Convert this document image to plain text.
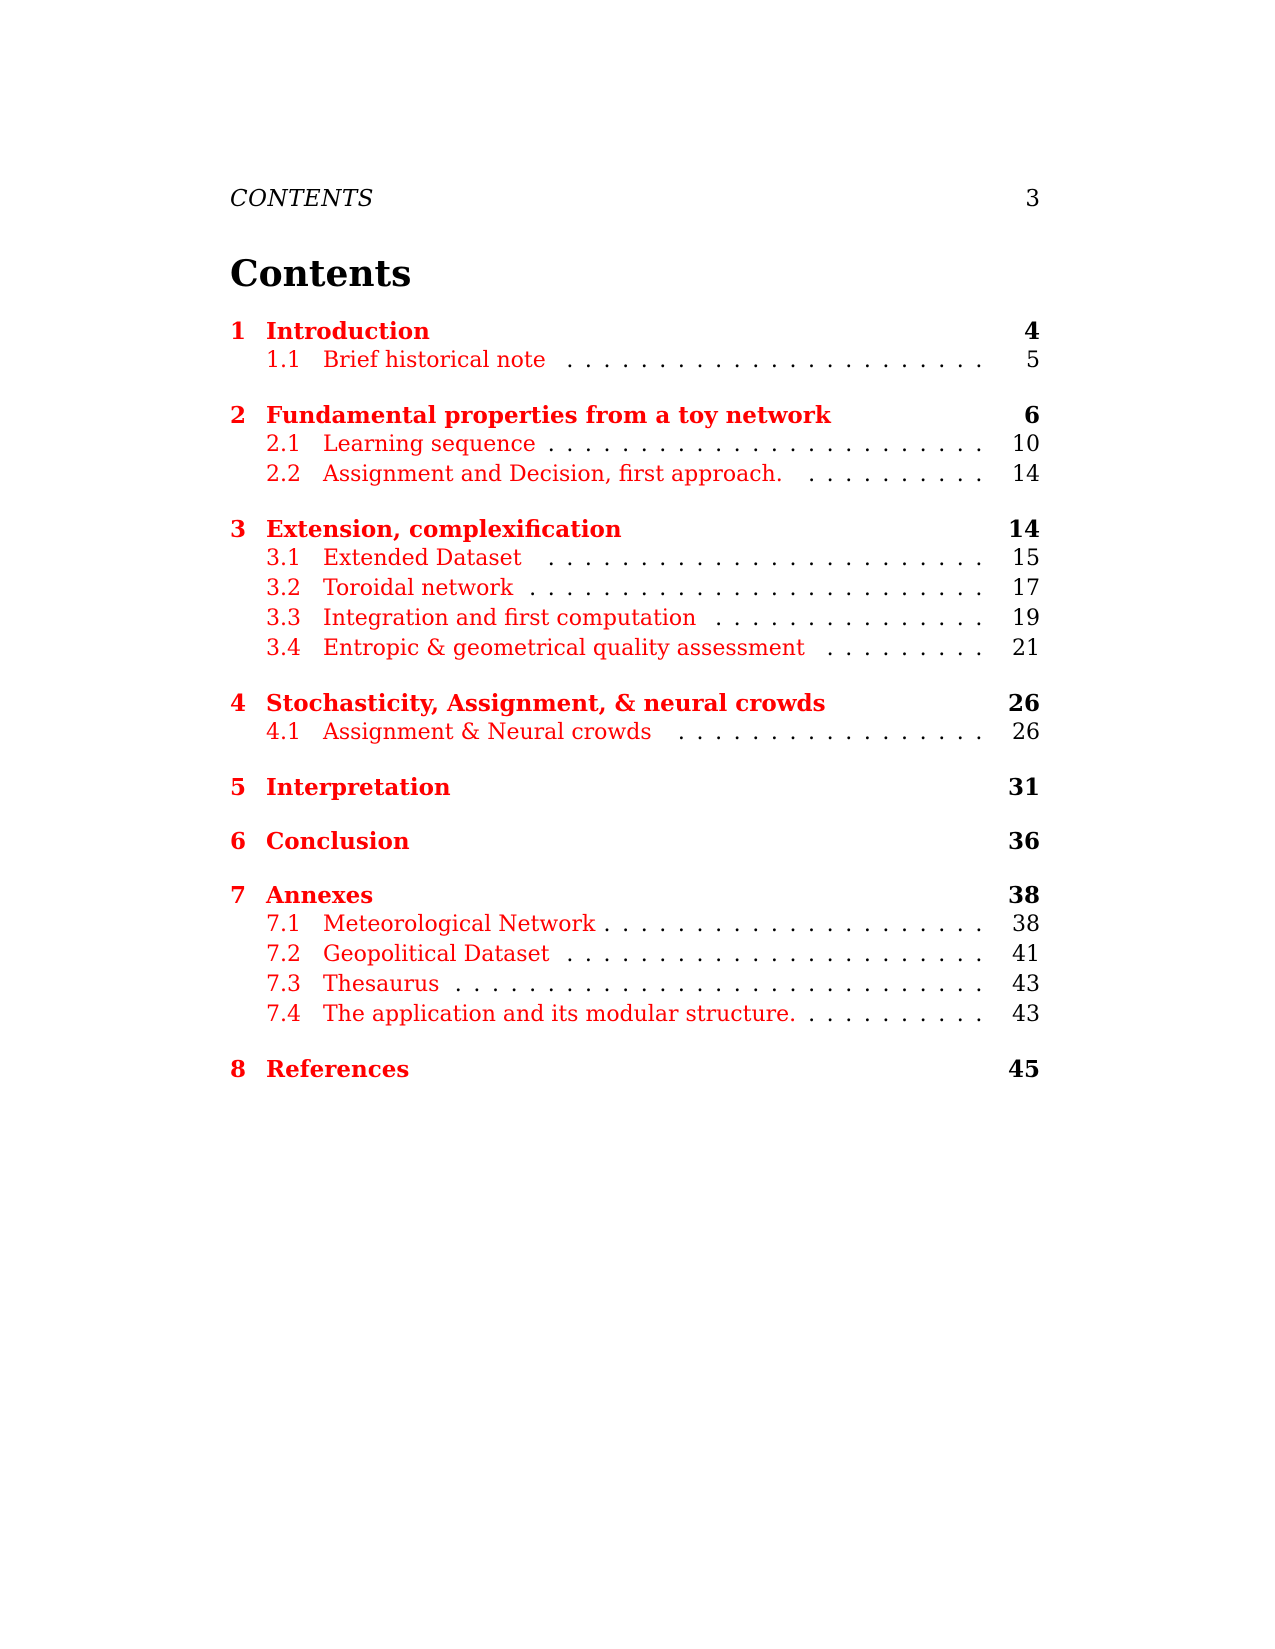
CONTENTS	3
Contents
1 Introduction	4
1.1 Brief historical note ....................... 5
2 Fundamental properties from a toy network	6
2.1 Learning sequence ........................ 10
2.2 Assignment and Decision, first approach.	.......... 14
3 Extension, complexification	14
3.1 Extended Dataset	........................ 15
3.2 Toroidal network ......................... 17
3.3 Integration and first computation ............... 19
3.4 Entropic & geometrical quality assessment ......... 21
4 Stochasticity, Assignment, & neural crowds	26
4.1 Assignment & Neural crowds	................. 26
5 Interpretation	31
6 Conclusion	36
7 Annexes	38
7.1 Meteorological Network ..................... 38
7.2 Geopolitical Dataset ....................... 41
7.3 Thesaurus ............................. 43
7.4 The application and its modular structure. .......... 43
8 References	45
